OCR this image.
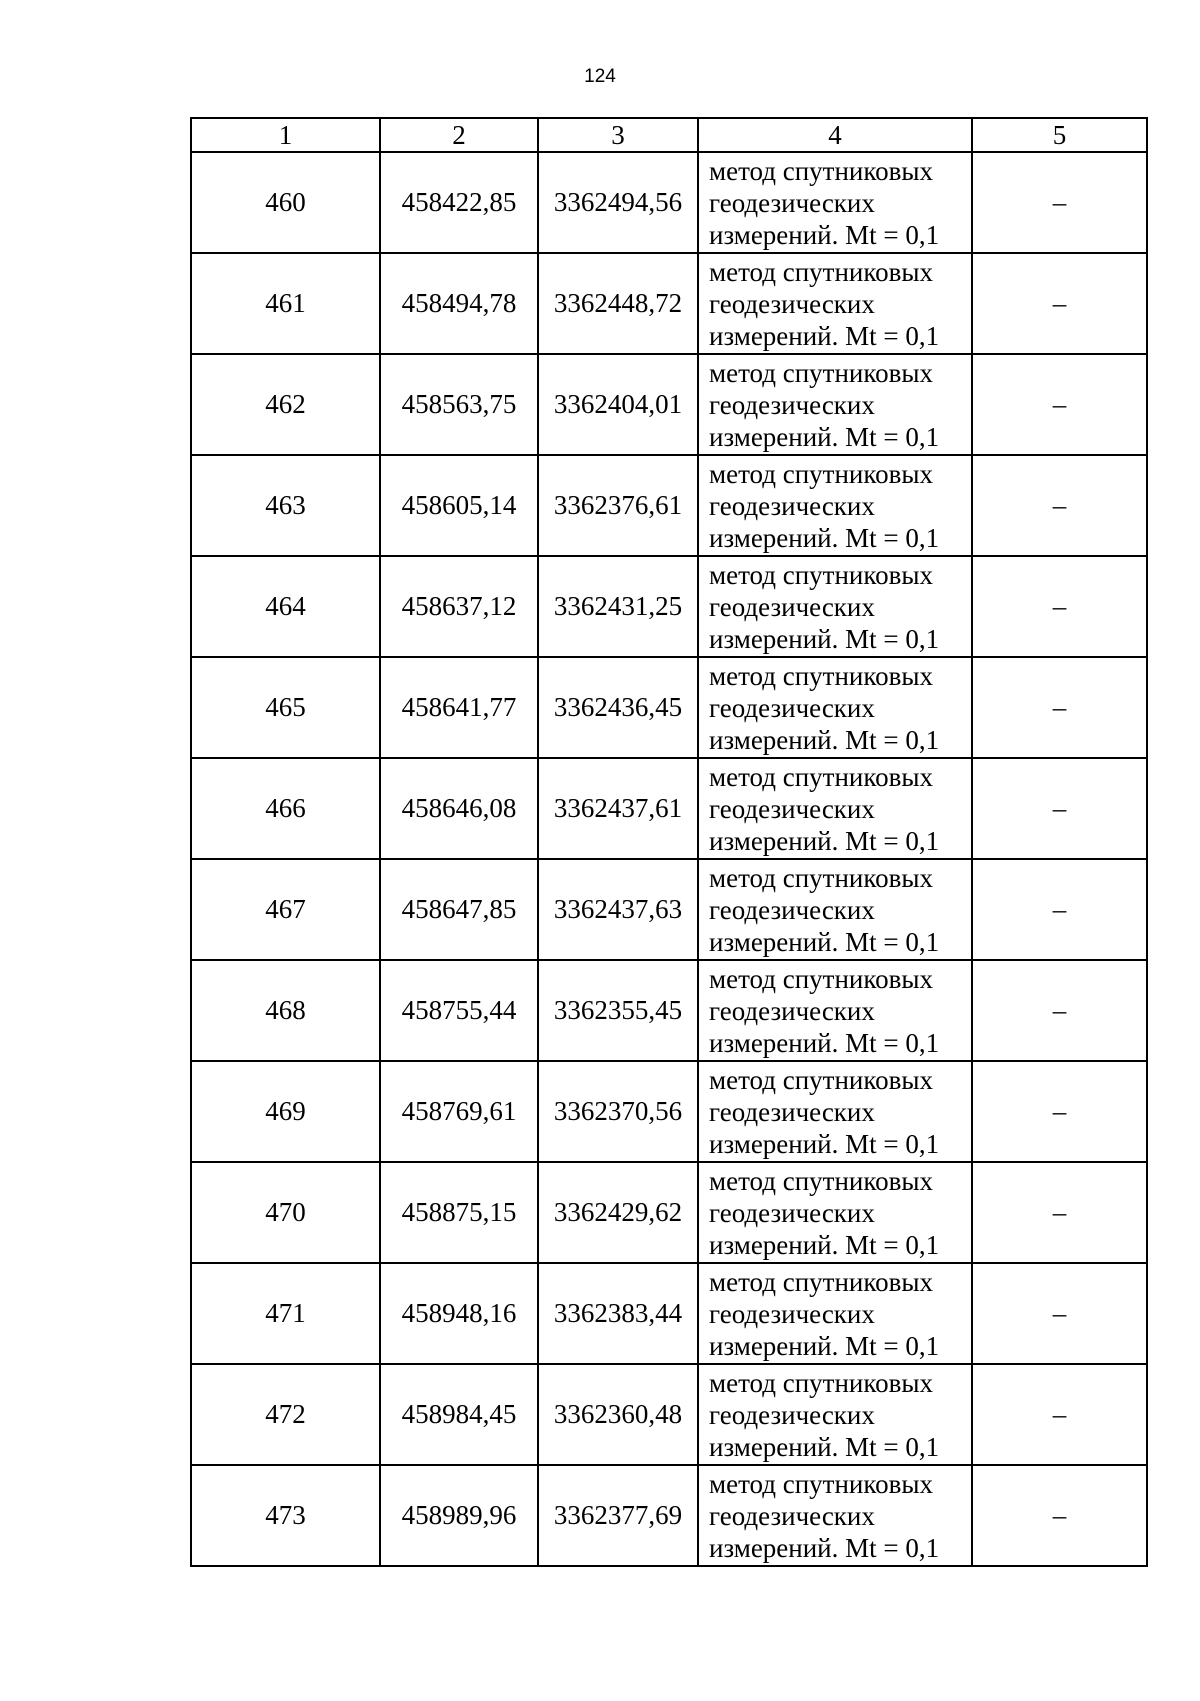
124
1	2	3	4	5
460	458422,85	3362494,56	метод спутниковых
геодезических
измерений. Mt = 0,1	–
461	458494,78	3362448,72	метод спутниковых
геодезических
измерений. Mt = 0,1	–
462	458563,75	3362404,01	метод спутниковых
геодезических
измерений. Mt = 0,1	–
463	458605,14	3362376,61	метод спутниковых
геодезических
измерений. Mt = 0,1	–
464	458637,12	3362431,25	метод спутниковых
геодезических
измерений. Mt = 0,1	–
465	458641,77	3362436,45	метод спутниковых
геодезических
измерений. Mt = 0,1	–
466	458646,08	3362437,61	метод спутниковых
геодезических
измерений. Mt = 0,1	–
467	458647,85	3362437,63	метод спутниковых
геодезических
измерений. Mt = 0,1	–
468	458755,44	3362355,45	метод спутниковых
геодезических
измерений. Mt = 0,1	–
469	458769,61	3362370,56	метод спутниковых
геодезических
измерений. Mt = 0,1	–
470	458875,15	3362429,62	метод спутниковых
геодезических
измерений. Mt = 0,1	–
471	458948,16	3362383,44	метод спутниковых
геодезических
измерений. Mt = 0,1	–
472	458984,45	3362360,48	метод спутниковых
геодезических
измерений. Mt = 0,1	–
473	458989,96	3362377,69	метод спутниковых
геодезических
измерений. Mt = 0,1	–
